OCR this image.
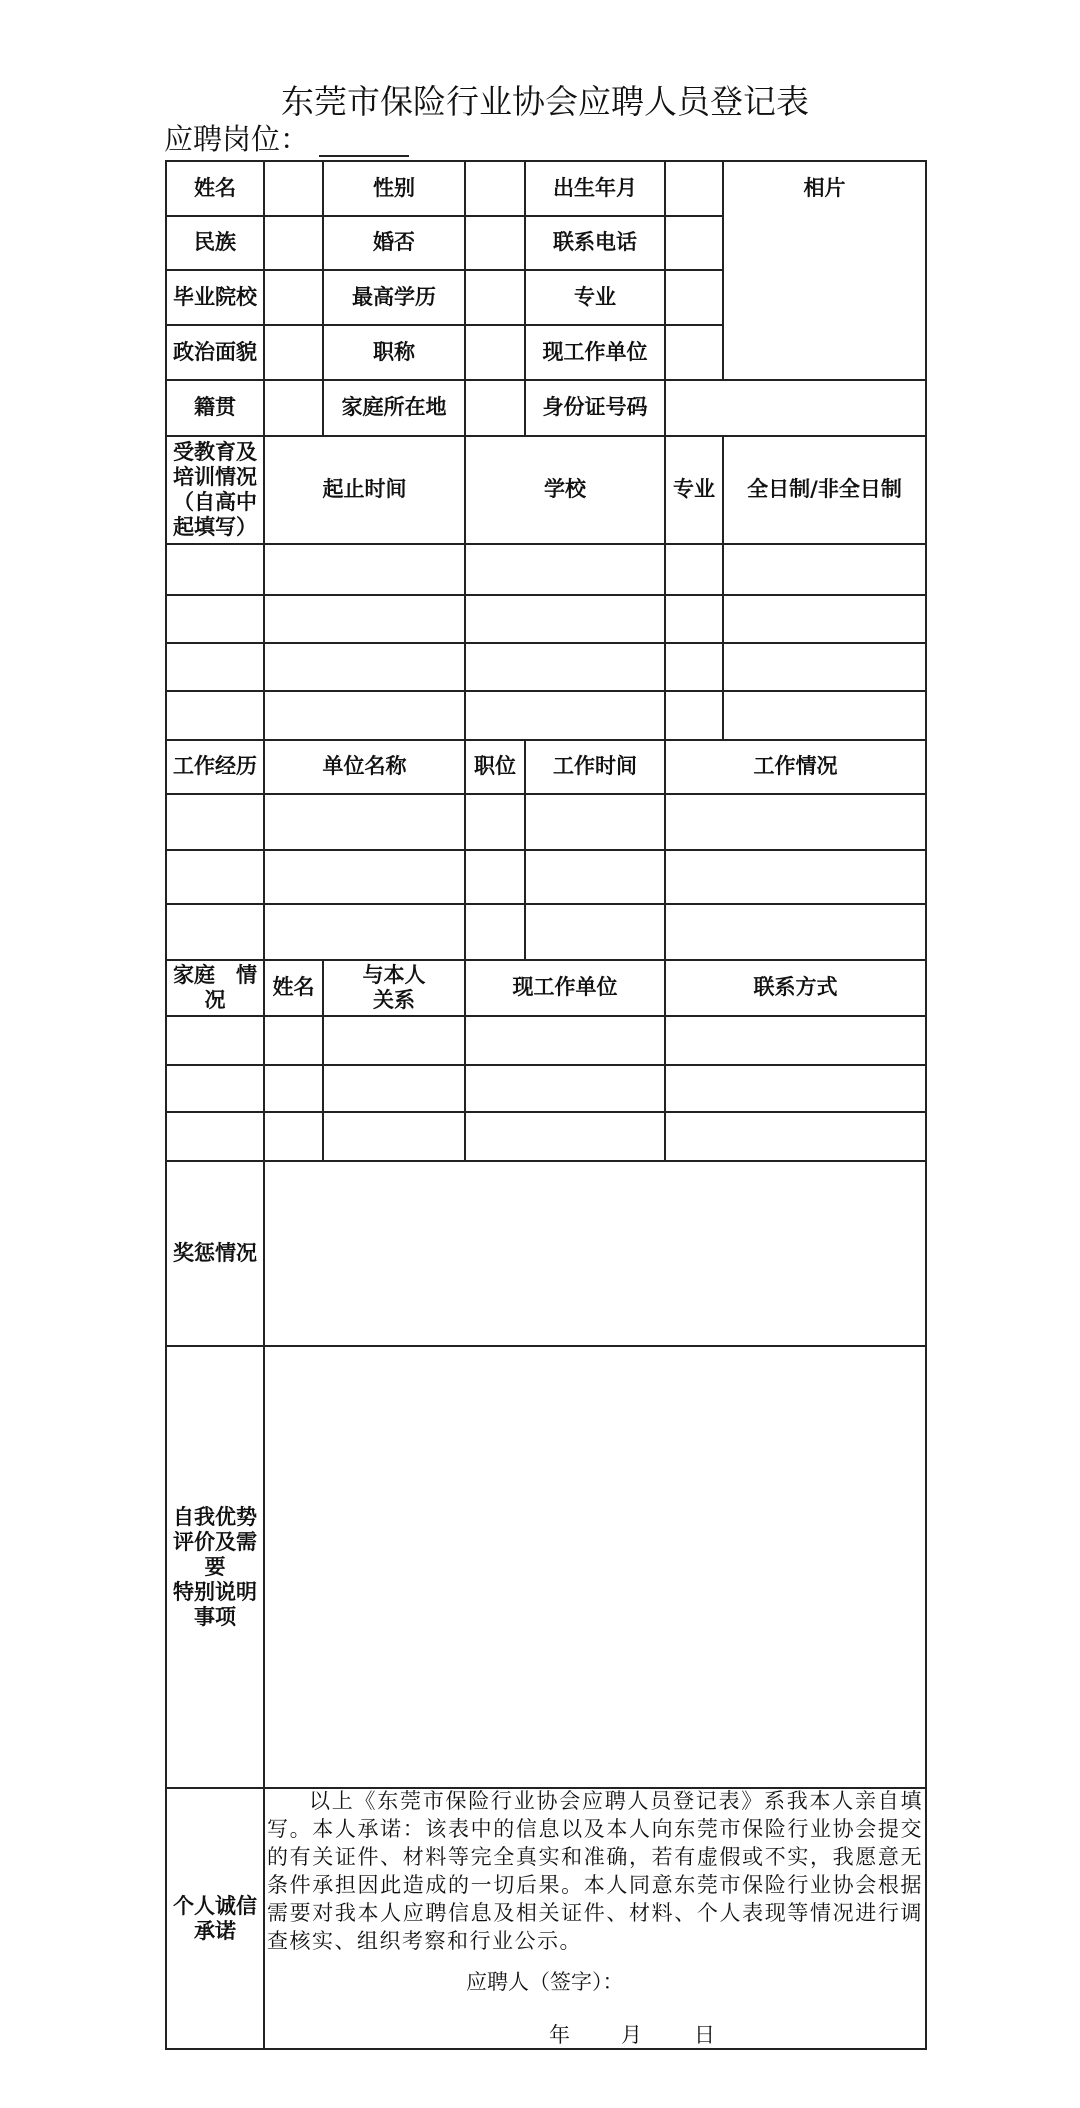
东莞市保险行业协会应聘人员登记表
应聘岗位：
姓名		性别		出生年月		相片
民族		婚否		联系电话		
毕业院校		最高学历		专业		
政治面貌		职称		现工作单位		
籍贯		家庭所在地		身份证号码		
受教育及培训情况（自高中起填写）	起止时间		学校		专业	全日制/非全日制

工作经历	单位名称		职位	工作时间	工作情况	

家庭　情况	姓名	与本人关系	现工作单位		联系方式	

奖惩情况						

自我优势评价及需要
特别说明事项						

个人诚信承诺	以上《东莞市保险行业协会应聘人员登记表》系我本人亲自填写。本人承诺：该表中的信息以及本人向东莞市保险行业协会提交的有关证件、材料等完全真实和准确，若有虚假或不实，我愿意无条件承担因此造成的一切后果。本人同意东莞市保险行业协会根据需要对我本人应聘信息及相关证件、材料、个人表现等情况进行调查核实、组织考察和行业公示。

应聘人（签字）：
年 月 日					
